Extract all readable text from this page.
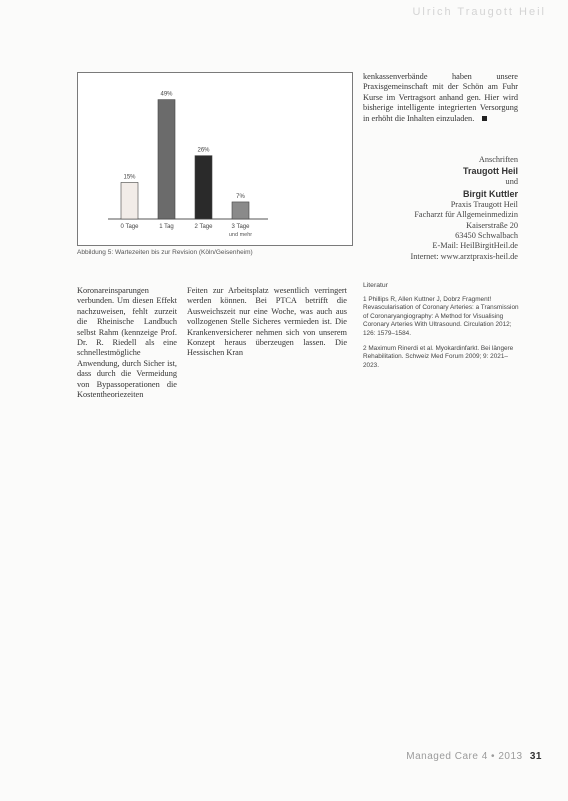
Ulrich Traugott Heil
15%
0 Tage
49%
1 Tag
26%
2 Tage
7%
3 Tage
und mehr
Abbildung 5: Wartezeiten bis zur Revision (Köln/Geisenheim)

Koronareinsparungen verbunden. Um diesen Effekt nachzuweisen, fehlt zurzeit die Rheinische Landbuch selbst Rahm (kennzeige Prof. Dr. R. Riedell als eine schnellestmögliche Anwendung, durch Sicher ist, dass durch die Vermeidung von Bypassoperationen die Kostentheoriezeiten

Feiten zur Arbeitsplatz wesentlich verringert werden können. Bei PTCA betrifft die Ausweichszeit nur eine Woche, was auch aus vollzogenen Stelle Sicheres vermieden ist. Die Krankenversicherer nehmen sich von unserem Konzept heraus überzeugen lassen. Die Hessischen Kran

kenkassenverbände haben unsere Praxisgemeinschaft mit der Schön am Fuhr Kurse im Vertragsort anhand gen. Hier wird bisherige intelligente integrierten Versorgung in erhöht die Inhalten einzuladen.

Anschriften
Traugott Heil
und
Birgit Kuttler
Praxis Traugott Heil
Facharzt für Allgemeinmedizin
Kaiserstraße 20
63450 Schwalbach
E-Mail: HeilBirgitHeil.de
Internet: www.arztpraxis-heil.de
Literatur
1 Phillips R, Allen Kuttner J, Dobrz Fragment! Revascularisation of Coronary Arteries: a Transmission of Coronaryangiography: A Method for Visualising Coronary Arteries With Ultrasound. Circulation 2012; 126: 1579–1584.
2 Maximum Rinerdi et al. Myokardinfarkt. Bei längere Rehabilitation. Schweiz Med Forum 2009; 9: 2021–2023.
Managed Care 4 • 2013 31
